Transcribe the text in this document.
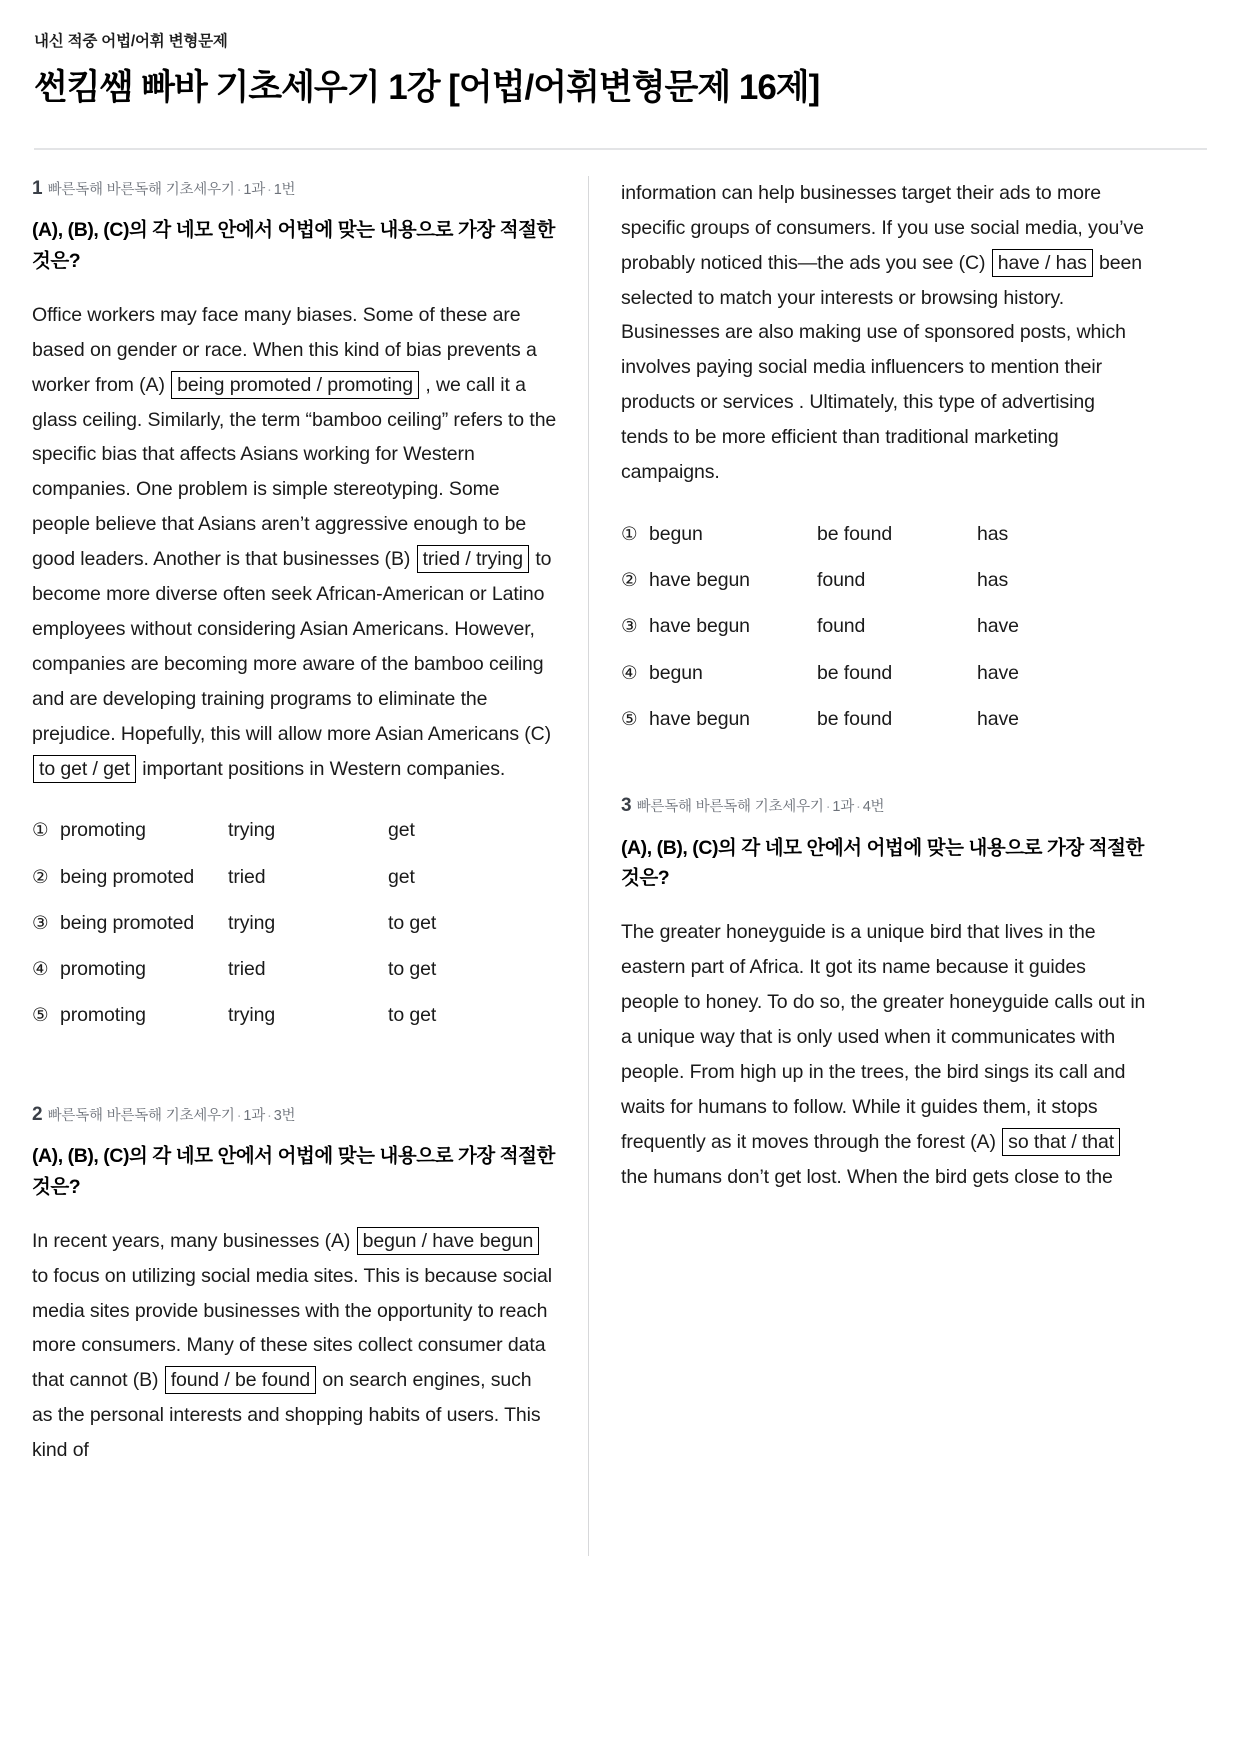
내신 적중 어법/어휘 변형문제
썬킴쌤 빠바 기초세우기 1강 [어법/어휘변형문제 16제]
1 빠른독해 바른독해 기초세우기 · 1과 · 1번
(A), (B), (C)의 각 네모 안에서 어법에 맞는 내용으로 가장 적절한 것은?
Office workers may face many biases. Some of these are based on gender or race. When this kind of bias prevents a worker from (A) being promoted / promoting , we call it a glass ceiling. Similarly, the term “bamboo ceiling” refers to the specific bias that affects Asians working for Western companies. One problem is simple stereotyping. Some people believe that Asians aren’t aggressive enough to be good leaders. Another is that businesses (B) tried / trying to become more diverse often seek African-American or Latino employees without considering Asian Americans. However, companies are becoming more aware of the bamboo ceiling and are developing training programs to eliminate the prejudice. Hopefully, this will allow more Asian Americans (C) to get / get important positions in Western companies.
① promoting	trying	get
② being promoted	tried	get
③ being promoted	trying	to get
④ promoting	tried	to get
⑤ promoting	trying	to get
2 빠른독해 바른독해 기초세우기 · 1과 · 3번
(A), (B), (C)의 각 네모 안에서 어법에 맞는 내용으로 가장 적절한 것은?
In recent years, many businesses (A) begun / have begun to focus on utilizing social media sites. This is because social media sites provide businesses with the opportunity to reach more consumers. Many of these sites collect consumer data that cannot (B) found / be found on search engines, such as the personal interests and shopping habits of users. This kind of
information can help businesses target their ads to more specific groups of consumers. If you use social media, you’ve probably noticed this—the ads you see (C) have / has been selected to match your interests or browsing history. Businesses are also making use of sponsored posts, which involves paying social media influencers to mention their products or services . Ultimately, this type of advertising tends to be more efficient than traditional marketing campaigns.
① begun	be found	has
② have begun	found	has
③ have begun	found	have
④ begun	be found	have
⑤ have begun	be found	have
3 빠른독해 바른독해 기초세우기 · 1과 · 4번
(A), (B), (C)의 각 네모 안에서 어법에 맞는 내용으로 가장 적절한 것은?
The greater honeyguide is a unique bird that lives in the eastern part of Africa. It got its name because it guides people to honey. To do so, the greater honeyguide calls out in a unique way that is only used when it communicates with people. From high up in the trees, the bird sings its call and waits for humans to follow. While it guides them, it stops frequently as it moves through the forest (A) so that / that the humans don’t get lost. When the bird gets close to the
